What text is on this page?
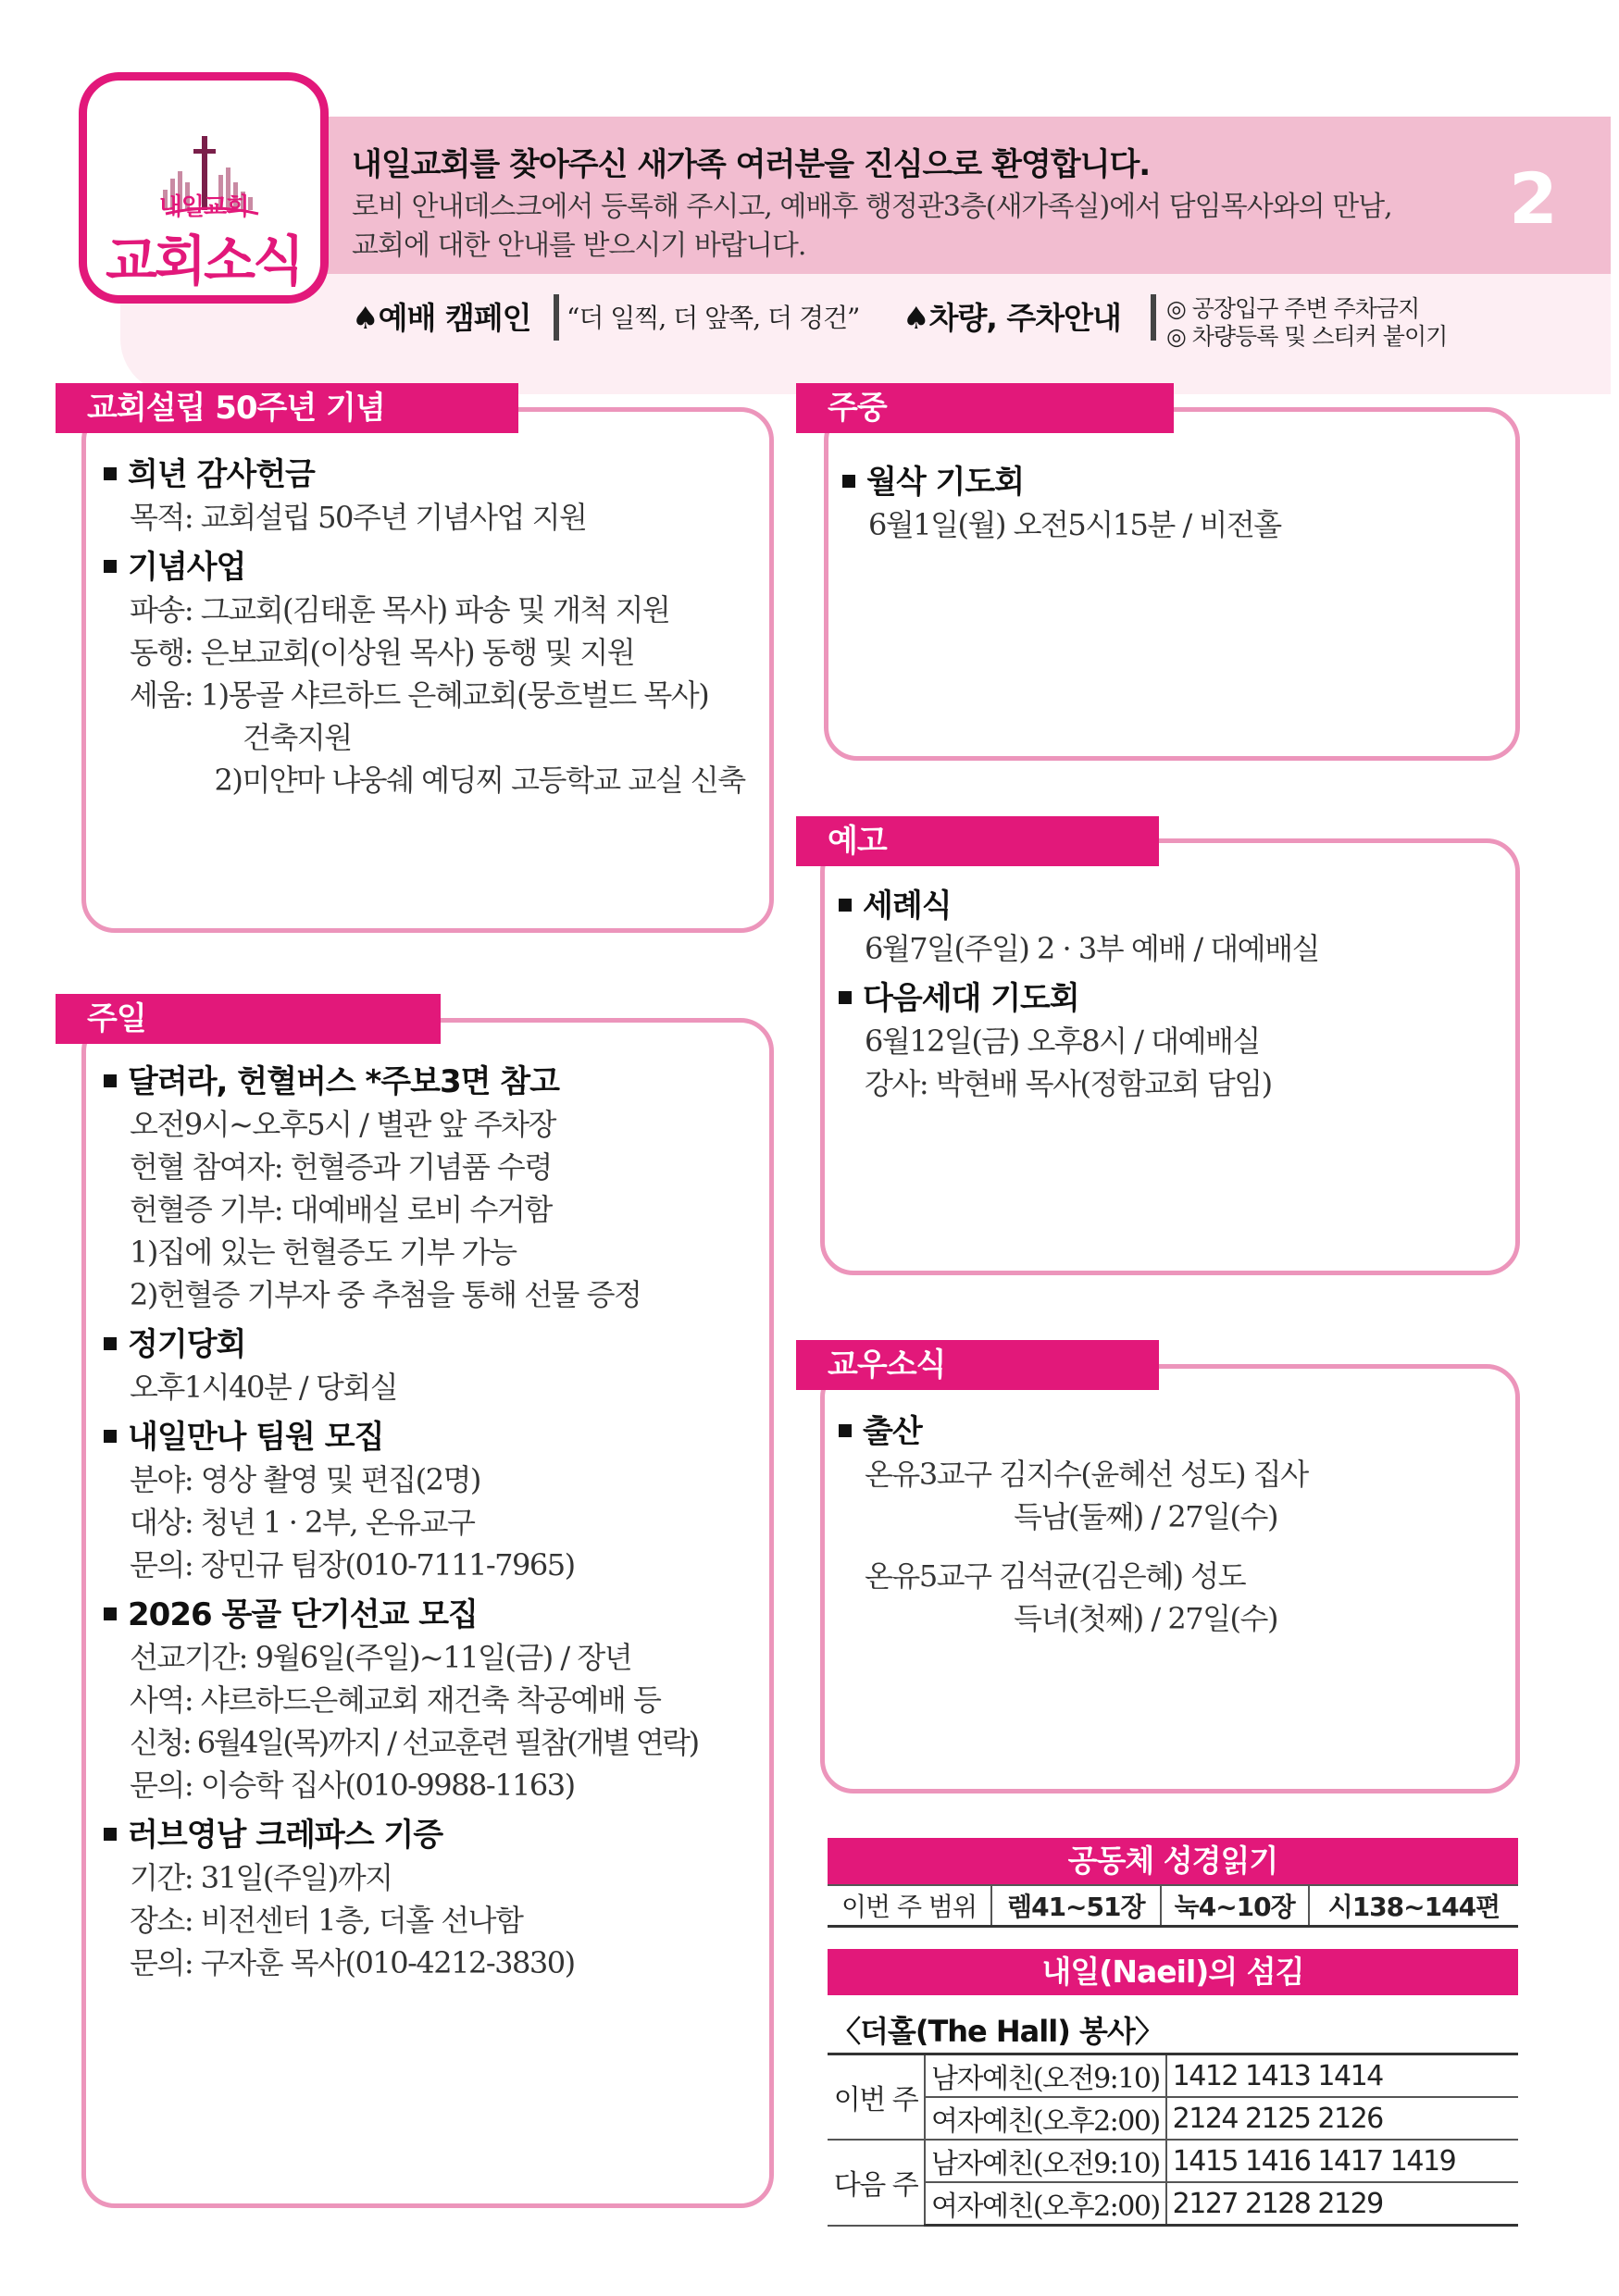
내일교회
교회소식
내일교회를 찾아주신 새가족 여러분을 진심으로 환영합니다.
로비 안내데스크에서 등록해 주시고, 예배후 행정관3층(새가족실)에서 담임목사와의 만남,
교회에 대한 안내를 받으시기 바랍니다.
2
♠예배 캠페인 “더 일찍, 더 앞쪽, 더 경건” ♠차량, 주차안내 ◎ 공장입구 주변 주차금지
◎ 차량등록 및 스티커 붙이기
교회설립 50주년 기념
희년 감사헌금
목적: 교회설립 50주년 기념사업 지원
기념사업
파송: 그교회(김태훈 목사) 파송 및 개척 지원
동행: 은보교회(이상원 목사) 동행 및 지원
세움: 1)몽골 샤르하드 은혜교회(뭉흐벌드 목사)
　　　　건축지원
　　　2)미얀마 냐웅쉐 예딩찌 고등학교 교실 신축
주중
월삭 기도회
6월1일(월) 오전5시15분 / 비전홀
예고
세례식
6월7일(주일) 2 · 3부 예배 / 대예배실
다음세대 기도회
6월12일(금) 오후8시 / 대예배실
강사: 박현배 목사(정함교회 담임)
주일
달려라, 헌혈버스 *주보3면 참고
오전9시~오후5시 / 별관 앞 주차장
헌혈 참여자: 헌혈증과 기념품 수령
헌혈증 기부: 대예배실 로비 수거함
1)집에 있는 헌혈증도 기부 가능
2)헌혈증 기부자 중 추첨을 통해 선물 증정
정기당회
오후1시40분 / 당회실
내일만나 팀원 모집
분야: 영상 촬영 및 편집(2명)
대상: 청년 1 · 2부, 온유교구
문의: 장민규 팀장(010-7111-7965)
2026 몽골 단기선교 모집
선교기간: 9월6일(주일)~11일(금) / 장년
사역: 샤르하드은혜교회 재건축 착공예배 등
신청: 6월4일(목)까지 / 선교훈련 필참(개별 연락)
문의: 이승학 집사(010-9988-1163)
러브영남 크레파스 기증
기간: 31일(주일)까지
장소: 비전센터 1층, 더홀 선나함
문의: 구자훈 목사(010-4212-3830)
교우소식
출산
온유3교구 김지수(윤혜선 성도) 집사
　　　　　 득남(둘째) / 27일(수)
온유5교구 김석균(김은혜) 성도
　　　　　 득녀(첫째) / 27일(수)
공동체 성경읽기
이번 주 범위	렘41~51장	눅4~10장	시138~144편
내일(Naeil)의 섬김
〈더홀(The Hall) 봉사〉
이번 주	남자예친(오전9:10)	1412 1413 1414
	여자예친(오후2:00)	2124 2125 2126
다음 주	남자예친(오전9:10)	1415 1416 1417 1419
	여자예친(오후2:00)	2127 2128 2129
